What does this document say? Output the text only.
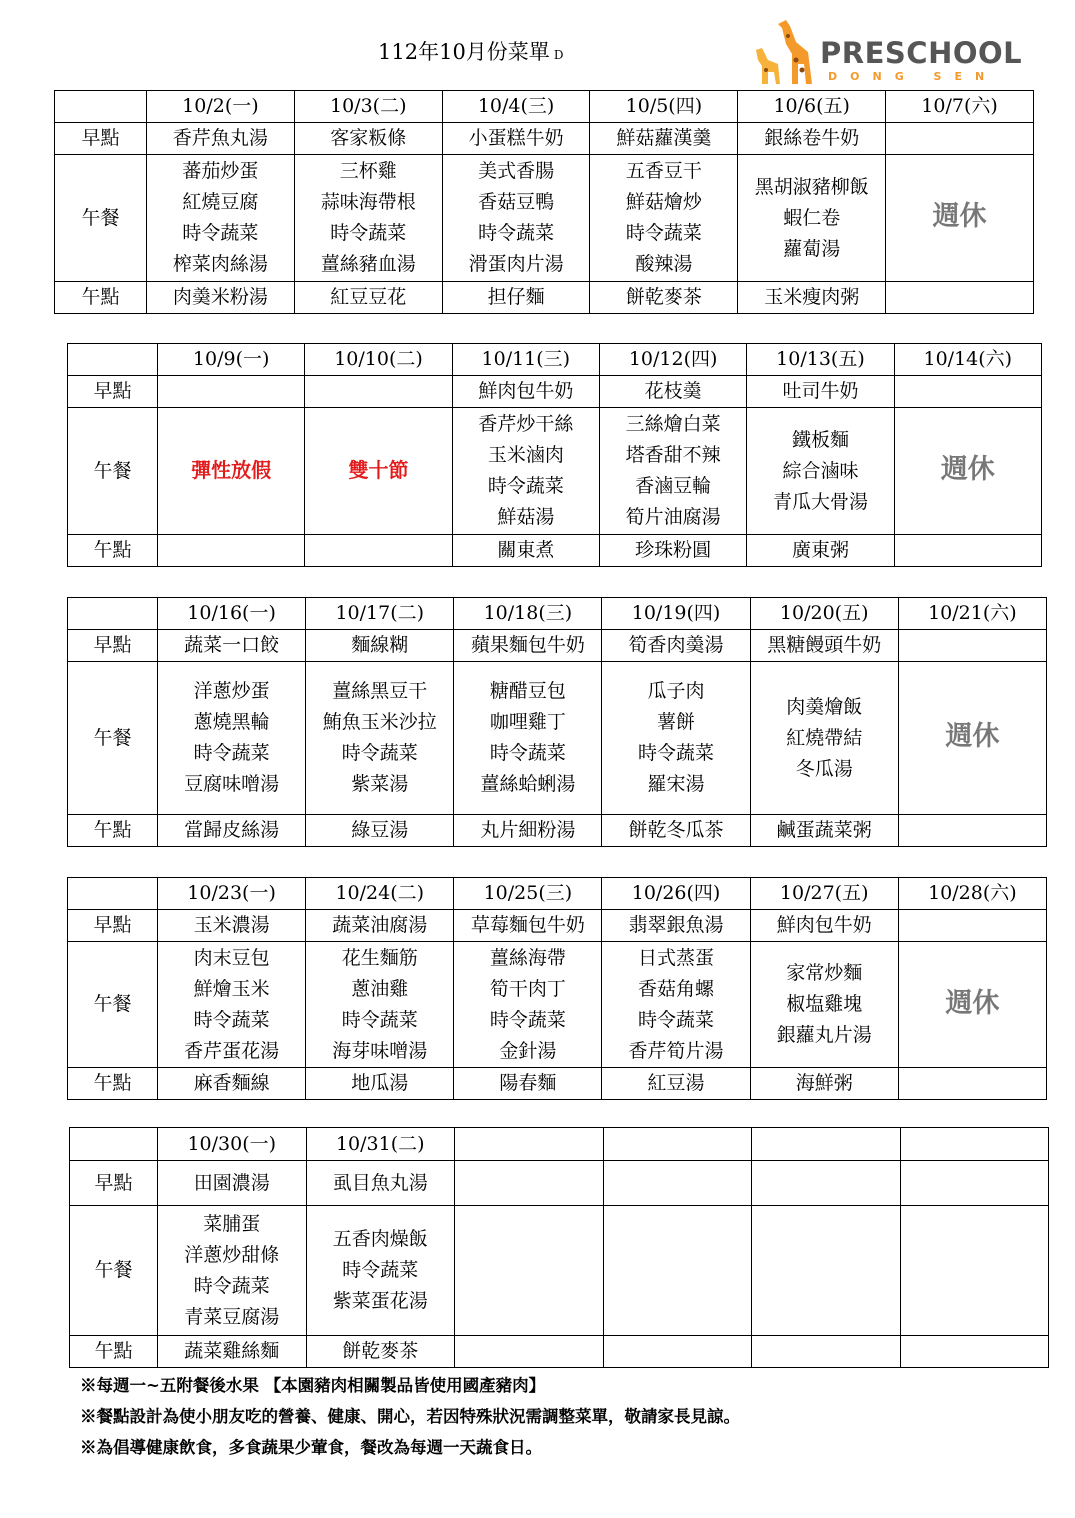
112年10月份菜單 D	PRESCHOOL
DONG SEN
	10/2(一)	10/3(二)	10/4(三)	10/5(四)	10/6(五)	10/7(六)
早點	香芹魚丸湯	客家粄條	小蛋糕牛奶	鮮菇蘿漢羹	銀絲卷牛奶	
午餐	蕃茄炒蛋
紅燒豆腐
時令蔬菜
榨菜肉絲湯	三杯雞
蒜味海帶根
時令蔬菜
薑絲豬血湯	美式香腸
香菇豆鴨
時令蔬菜
滑蛋肉片湯	五香豆干
鮮菇燴炒
時令蔬菜
酸辣湯	黑胡淑豬柳飯
蝦仁卷
蘿蔔湯	週休
午點	肉羮米粉湯	紅豆豆花	担仔麵	餅乾麥茶	玉米瘦肉粥	
	10/9(一)	10/10(二)	10/11(三)	10/12(四)	10/13(五)	10/14(六)
早點			鮮肉包牛奶	花枝羮	吐司牛奶	
午餐	彈性放假	雙十節	香芹炒干絲
玉米滷肉
時令蔬菜
鮮菇湯	三絲燴白菜
塔香甜不辣
香滷豆輪
筍片油腐湯	鐵板麵
綜合滷味
青瓜大骨湯	週休
午點			關東煮	珍珠粉圓	廣東粥	
	10/16(一)	10/17(二)	10/18(三)	10/19(四)	10/20(五)	10/21(六)
早點	蔬菜一口餃	麵線糊	蘋果麵包牛奶	筍香肉羮湯	黑糖饅頭牛奶	
午餐	洋蔥炒蛋
蔥燒黑輪
時令蔬菜
豆腐味噌湯	薑絲黑豆干
鮪魚玉米沙拉
時令蔬菜
紫菜湯	糖醋豆包
咖哩雞丁
時令蔬菜
薑絲蛤蜊湯	瓜子肉
薯餅
時令蔬菜
羅宋湯	肉羮燴飯
紅燒帶結
冬瓜湯	週休
午點	當歸皮絲湯	綠豆湯	丸片細粉湯	餅乾冬瓜茶	鹹蛋蔬菜粥	
	10/23(一)	10/24(二)	10/25(三)	10/26(四)	10/27(五)	10/28(六)
早點	玉米濃湯	蔬菜油腐湯	草莓麵包牛奶	翡翠銀魚湯	鮮肉包牛奶	
午餐	肉末豆包
鮮燴玉米
時令蔬菜
香芹蛋花湯	花生麵筋
蔥油雞
時令蔬菜
海芽味噌湯	薑絲海帶
筍干肉丁
時令蔬菜
金針湯	日式蒸蛋
香菇角螺
時令蔬菜
香芹筍片湯	家常炒麵
椒塩雞塊
銀蘿丸片湯	週休
午點	麻香麵線	地瓜湯	陽春麵	紅豆湯	海鮮粥	
	10/30(一)	10/31(二)				
早點	田園濃湯	虱目魚丸湯				
午餐	菜脯蛋
洋蔥炒甜條
時令蔬菜
青菜豆腐湯	五香肉燥飯
時令蔬菜
紫菜蛋花湯				

午點	蔬菜雞絲麵	餅乾麥茶				
※每週一~五附餐後水果 【本園豬肉相關製品皆使用國產豬肉】
※餐點設計為使小朋友吃的營養、健康、開心，若因特殊狀況需調整菜單，敬請家長見諒。
※為倡導健康飲食，多食蔬果少葷食，餐改為每週一天蔬食日。
